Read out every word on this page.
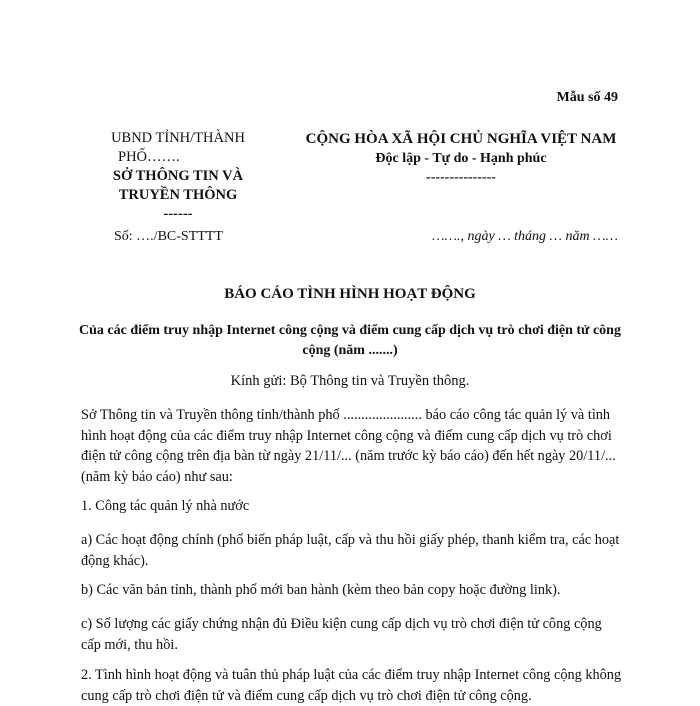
Mẫu số 49
UBND TỈNH/THÀNH
PHỐ…….
SỞ THÔNG TIN VÀ
TRUYỀN THÔNG
------
CỘNG HÒA XÃ HỘI CHỦ NGHĨA VIỆT NAM
Độc lập - Tự do - Hạnh phúc
---------------
Số: …./BC-STTTT	……., ngày … tháng … năm ……
BÁO CÁO TÌNH HÌNH HOẠT ĐỘNG
Của các điểm truy nhập Internet công cộng và điểm cung cấp dịch vụ trò chơi điện tử công cộng (năm .......)
Kính gửi: Bộ Thông tin và Truyền thông.
Sở Thông tin và Truyền thông tỉnh/thành phố ...................... báo cáo công tác quản lý và tình hình hoạt động của các điểm truy nhập Internet công cộng và điểm cung cấp dịch vụ trò chơi điện tử công cộng trên địa bàn từ ngày 21/11/... (năm trước kỳ báo cáo) đến hết ngày 20/11/... (năm kỳ báo cáo) như sau:
1. Công tác quản lý nhà nước
a) Các hoạt động chính (phổ biến pháp luật, cấp và thu hồi giấy phép, thanh kiểm tra, các hoạt động khác).
b) Các văn bản tỉnh, thành phố mới ban hành (kèm theo bản copy hoặc đường link).
c) Số lượng các giấy chứng nhận đủ Điều kiện cung cấp dịch vụ trò chơi điện tử công cộng cấp mới, thu hồi.
2. Tình hình hoạt động và tuân thủ pháp luật của các điểm truy nhập Internet công cộng không cung cấp trò chơi điện tử và điểm cung cấp dịch vụ trò chơi điện tử công cộng.
